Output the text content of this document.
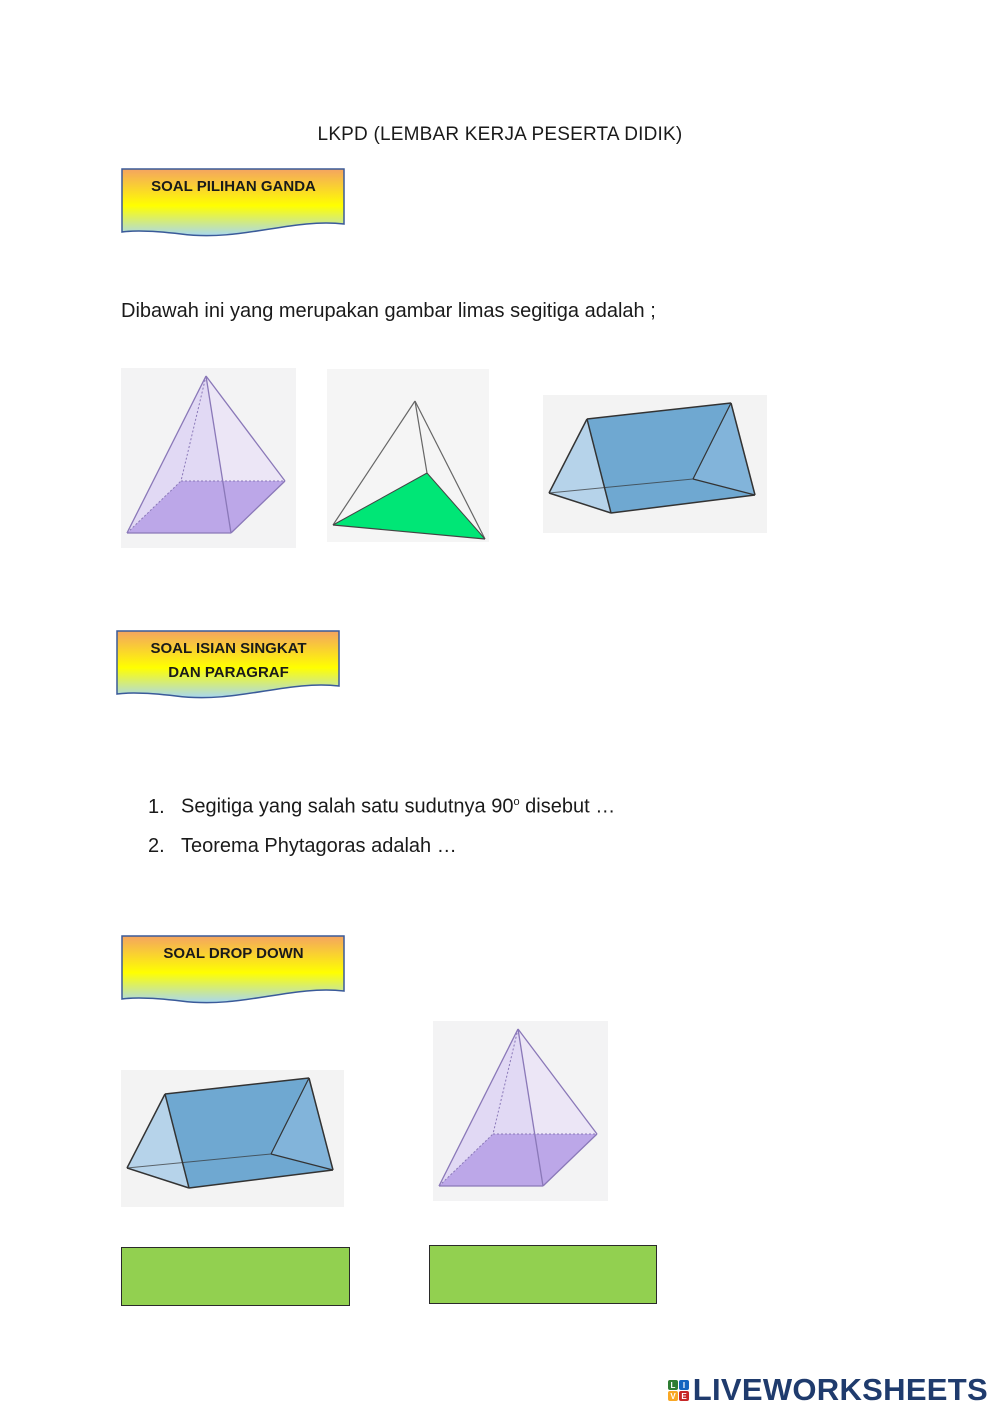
LKPD (LEMBAR KERJA PESERTA DIDIK)
SOAL PILIHAN GANDA
Dibawah ini yang merupakan gambar limas segitiga adalah ;
SOAL ISIAN SINGKAT
DAN PARAGRAF
1. Segitiga yang salah satu sudutnya 90$^o$ disebut …
2. Teorema Phytagoras adalah …
SOAL DROP DOWN
L I
V E LIVEWORKSHEETS
